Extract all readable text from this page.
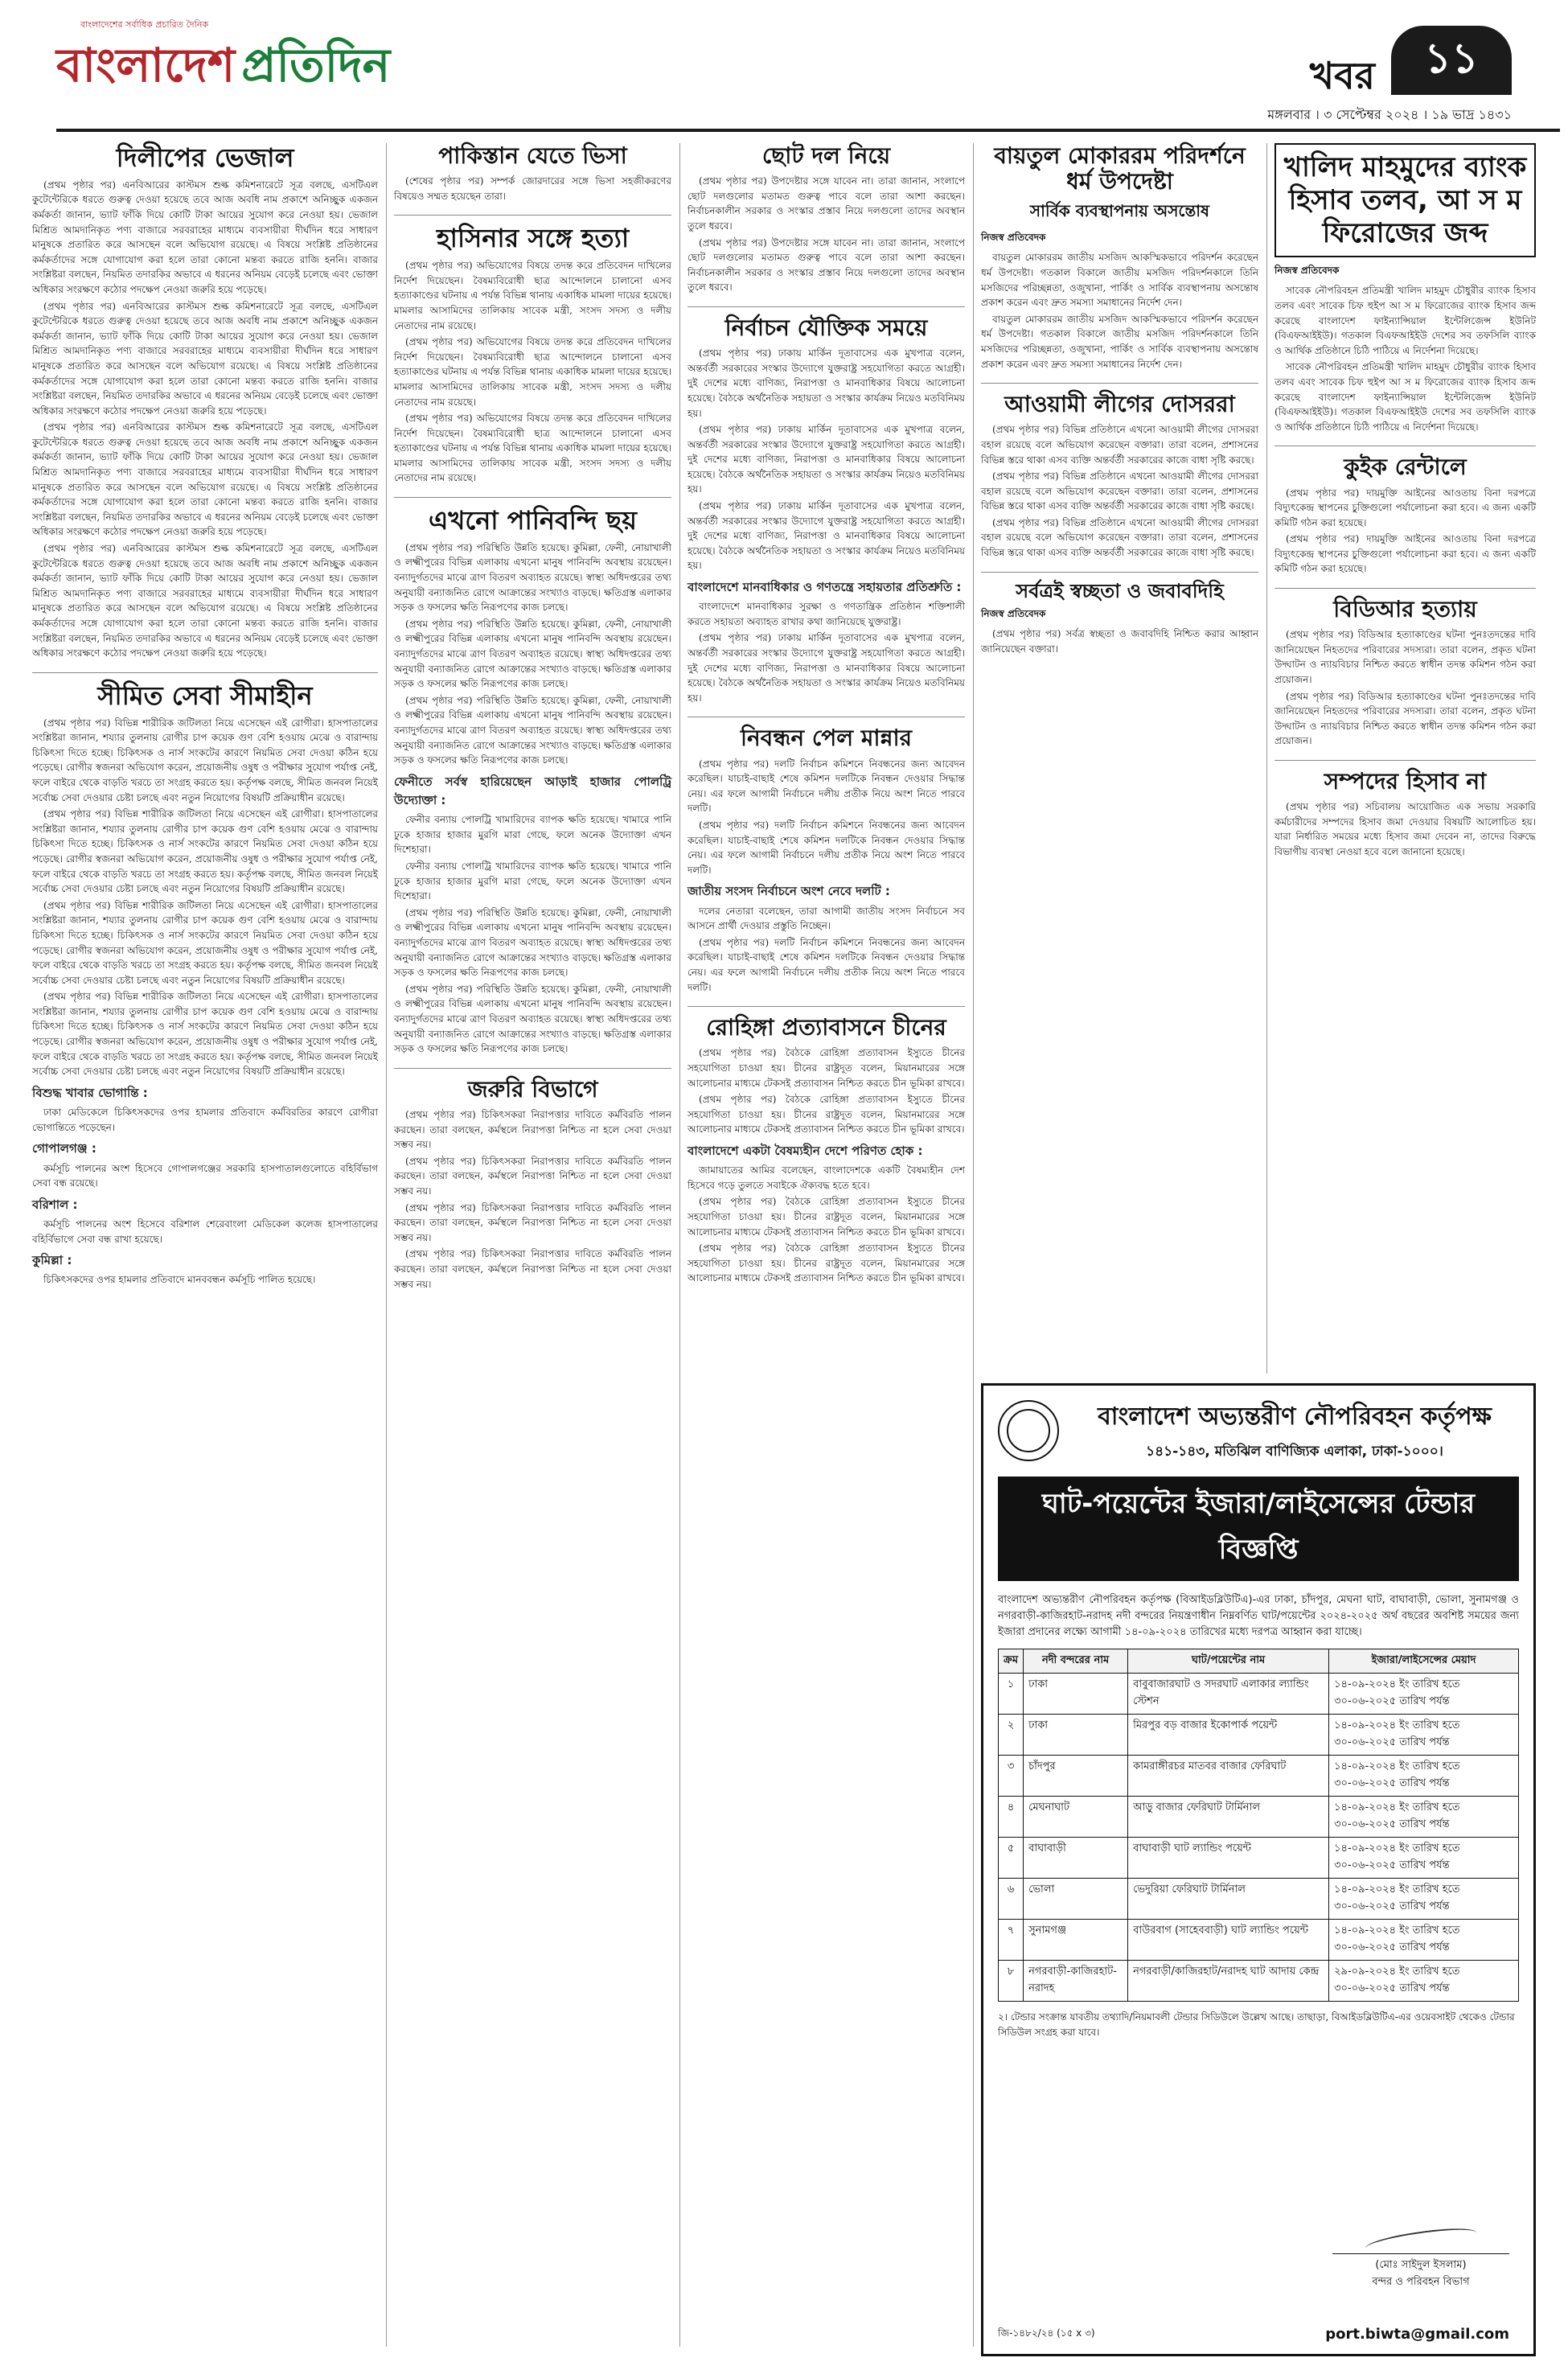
বাংলাদেশের সর্বাধিক প্রচারিত দৈনিক
বাংলাদেশ প্রতিদিন	খবর	১১
মঙ্গলবার । ৩ সেপ্টেম্বর ২০২৪ । ১৯ ভাদ্র ১৪৩১
দিলীপের ভেজাল

(প্রথম পৃষ্ঠার পর) এনবিআরের কাস্টমস শুল্ক কমিশনারেটে সূত্র বলছে, এসটিএল কুটেন্টেরিকে ধরতে গুরুত্ব দেওয়া হয়েছে তবে আজ অবধি নাম প্রকাশে অনিচ্ছুক একজন কর্মকর্তা জানান, ভ্যাট ফাঁকি দিয়ে কোটি টাকা আয়ের সুযোগ করে নেওয়া হয়। ভেজাল মিশ্রিত আমদানিকৃত পণ্য বাজারে সরবরাহের মাধ্যমে ব্যবসায়ীরা দীর্ঘদিন ধরে সাধারণ মানুষকে প্রতারিত করে আসছেন বলে অভিযোগ রয়েছে। এ বিষয়ে সংশ্লিষ্ট প্রতিষ্ঠানের কর্মকর্তাদের সঙ্গে যোগাযোগ করা হলে তারা কোনো মন্তব্য করতে রাজি হননি। বাজার সংশ্লিষ্টরা বলছেন, নিয়মিত তদারকির অভাবে এ ধরনের অনিয়ম বেড়েই চলেছে এবং ভোক্তা অধিকার সংরক্ষণে কঠোর পদক্ষেপ নেওয়া জরুরি হয়ে পড়েছে।

(প্রথম পৃষ্ঠার পর) এনবিআরের কাস্টমস শুল্ক কমিশনারেটে সূত্র বলছে, এসটিএল কুটেন্টেরিকে ধরতে গুরুত্ব দেওয়া হয়েছে তবে আজ অবধি নাম প্রকাশে অনিচ্ছুক একজন কর্মকর্তা জানান, ভ্যাট ফাঁকি দিয়ে কোটি টাকা আয়ের সুযোগ করে নেওয়া হয়। ভেজাল মিশ্রিত আমদানিকৃত পণ্য বাজারে সরবরাহের মাধ্যমে ব্যবসায়ীরা দীর্ঘদিন ধরে সাধারণ মানুষকে প্রতারিত করে আসছেন বলে অভিযোগ রয়েছে। এ বিষয়ে সংশ্লিষ্ট প্রতিষ্ঠানের কর্মকর্তাদের সঙ্গে যোগাযোগ করা হলে তারা কোনো মন্তব্য করতে রাজি হননি। বাজার সংশ্লিষ্টরা বলছেন, নিয়মিত তদারকির অভাবে এ ধরনের অনিয়ম বেড়েই চলেছে এবং ভোক্তা অধিকার সংরক্ষণে কঠোর পদক্ষেপ নেওয়া জরুরি হয়ে পড়েছে।

(প্রথম পৃষ্ঠার পর) এনবিআরের কাস্টমস শুল্ক কমিশনারেটে সূত্র বলছে, এসটিএল কুটেন্টেরিকে ধরতে গুরুত্ব দেওয়া হয়েছে তবে আজ অবধি নাম প্রকাশে অনিচ্ছুক একজন কর্মকর্তা জানান, ভ্যাট ফাঁকি দিয়ে কোটি টাকা আয়ের সুযোগ করে নেওয়া হয়। ভেজাল মিশ্রিত আমদানিকৃত পণ্য বাজারে সরবরাহের মাধ্যমে ব্যবসায়ীরা দীর্ঘদিন ধরে সাধারণ মানুষকে প্রতারিত করে আসছেন বলে অভিযোগ রয়েছে। এ বিষয়ে সংশ্লিষ্ট প্রতিষ্ঠানের কর্মকর্তাদের সঙ্গে যোগাযোগ করা হলে তারা কোনো মন্তব্য করতে রাজি হননি। বাজার সংশ্লিষ্টরা বলছেন, নিয়মিত তদারকির অভাবে এ ধরনের অনিয়ম বেড়েই চলেছে এবং ভোক্তা অধিকার সংরক্ষণে কঠোর পদক্ষেপ নেওয়া জরুরি হয়ে পড়েছে।

(প্রথম পৃষ্ঠার পর) এনবিআরের কাস্টমস শুল্ক কমিশনারেটে সূত্র বলছে, এসটিএল কুটেন্টেরিকে ধরতে গুরুত্ব দেওয়া হয়েছে তবে আজ অবধি নাম প্রকাশে অনিচ্ছুক একজন কর্মকর্তা জানান, ভ্যাট ফাঁকি দিয়ে কোটি টাকা আয়ের সুযোগ করে নেওয়া হয়। ভেজাল মিশ্রিত আমদানিকৃত পণ্য বাজারে সরবরাহের মাধ্যমে ব্যবসায়ীরা দীর্ঘদিন ধরে সাধারণ মানুষকে প্রতারিত করে আসছেন বলে অভিযোগ রয়েছে। এ বিষয়ে সংশ্লিষ্ট প্রতিষ্ঠানের কর্মকর্তাদের সঙ্গে যোগাযোগ করা হলে তারা কোনো মন্তব্য করতে রাজি হননি। বাজার সংশ্লিষ্টরা বলছেন, নিয়মিত তদারকির অভাবে এ ধরনের অনিয়ম বেড়েই চলেছে এবং ভোক্তা অধিকার সংরক্ষণে কঠোর পদক্ষেপ নেওয়া জরুরি হয়ে পড়েছে।

সীমিত সেবা সীমাহীন

(প্রথম পৃষ্ঠার পর) বিভিন্ন শারীরিক জটিলতা নিয়ে এসেছেন এই রোগীরা। হাসপাতালের সংশ্লিষ্টরা জানান, শয্যার তুলনায় রোগীর চাপ কয়েক গুণ বেশি হওয়ায় মেঝে ও বারান্দায় চিকিৎসা দিতে হচ্ছে। চিকিৎসক ও নার্স সংকটের কারণে নিয়মিত সেবা দেওয়া কঠিন হয়ে পড়েছে। রোগীর স্বজনরা অভিযোগ করেন, প্রয়োজনীয় ওষুধ ও পরীক্ষার সুযোগ পর্যাপ্ত নেই, ফলে বাইরে থেকে বাড়তি খরচে তা সংগ্রহ করতে হয়। কর্তৃপক্ষ বলছে, সীমিত জনবল নিয়েই সর্বোচ্চ সেবা দেওয়ার চেষ্টা চলছে এবং নতুন নিয়োগের বিষয়টি প্রক্রিয়াধীন রয়েছে।

(প্রথম পৃষ্ঠার পর) বিভিন্ন শারীরিক জটিলতা নিয়ে এসেছেন এই রোগীরা। হাসপাতালের সংশ্লিষ্টরা জানান, শয্যার তুলনায় রোগীর চাপ কয়েক গুণ বেশি হওয়ায় মেঝে ও বারান্দায় চিকিৎসা দিতে হচ্ছে। চিকিৎসক ও নার্স সংকটের কারণে নিয়মিত সেবা দেওয়া কঠিন হয়ে পড়েছে। রোগীর স্বজনরা অভিযোগ করেন, প্রয়োজনীয় ওষুধ ও পরীক্ষার সুযোগ পর্যাপ্ত নেই, ফলে বাইরে থেকে বাড়তি খরচে তা সংগ্রহ করতে হয়। কর্তৃপক্ষ বলছে, সীমিত জনবল নিয়েই সর্বোচ্চ সেবা দেওয়ার চেষ্টা চলছে এবং নতুন নিয়োগের বিষয়টি প্রক্রিয়াধীন রয়েছে।

(প্রথম পৃষ্ঠার পর) বিভিন্ন শারীরিক জটিলতা নিয়ে এসেছেন এই রোগীরা। হাসপাতালের সংশ্লিষ্টরা জানান, শয্যার তুলনায় রোগীর চাপ কয়েক গুণ বেশি হওয়ায় মেঝে ও বারান্দায় চিকিৎসা দিতে হচ্ছে। চিকিৎসক ও নার্স সংকটের কারণে নিয়মিত সেবা দেওয়া কঠিন হয়ে পড়েছে। রোগীর স্বজনরা অভিযোগ করেন, প্রয়োজনীয় ওষুধ ও পরীক্ষার সুযোগ পর্যাপ্ত নেই, ফলে বাইরে থেকে বাড়তি খরচে তা সংগ্রহ করতে হয়। কর্তৃপক্ষ বলছে, সীমিত জনবল নিয়েই সর্বোচ্চ সেবা দেওয়ার চেষ্টা চলছে এবং নতুন নিয়োগের বিষয়টি প্রক্রিয়াধীন রয়েছে।

(প্রথম পৃষ্ঠার পর) বিভিন্ন শারীরিক জটিলতা নিয়ে এসেছেন এই রোগীরা। হাসপাতালের সংশ্লিষ্টরা জানান, শয্যার তুলনায় রোগীর চাপ কয়েক গুণ বেশি হওয়ায় মেঝে ও বারান্দায় চিকিৎসা দিতে হচ্ছে। চিকিৎসক ও নার্স সংকটের কারণে নিয়মিত সেবা দেওয়া কঠিন হয়ে পড়েছে। রোগীর স্বজনরা অভিযোগ করেন, প্রয়োজনীয় ওষুধ ও পরীক্ষার সুযোগ পর্যাপ্ত নেই, ফলে বাইরে থেকে বাড়তি খরচে তা সংগ্রহ করতে হয়। কর্তৃপক্ষ বলছে, সীমিত জনবল নিয়েই সর্বোচ্চ সেবা দেওয়ার চেষ্টা চলছে এবং নতুন নিয়োগের বিষয়টি প্রক্রিয়াধীন রয়েছে।

বিশুদ্ধ খাবার ভোগান্তি :

ঢাকা মেডিকেলে চিকিৎসকদের ওপর হামলার প্রতিবাদে কর্মবিরতির কারণে রোগীরা ভোগান্তিতে পড়েছেন।

গোপালগঞ্জ :

কর্মসূচি পালনের অংশ হিসেবে গোপালগঞ্জের সরকারি হাসপাতালগুলোতে বহির্বিভাগ সেবা বন্ধ রয়েছে।

বরিশাল :

কর্মসূচি পালনের অংশ হিসেবে বরিশাল শেরেবাংলা মেডিকেল কলেজ হাসপাতালের বহির্বিভাগে সেবা বন্ধ রাখা হয়েছে।

কুমিল্লা :

চিকিৎসকদের ওপর হামলার প্রতিবাদে মানববন্ধন কর্মসূচি পালিত হয়েছে।

পাকিস্তান যেতে ভিসা

(শেষের পৃষ্ঠার পর) সম্পর্ক জোরদারের সঙ্গে ভিসা সহজীকরণের বিষয়েও সম্মত হয়েছেন তারা।

হাসিনার সঙ্গে হত্যা

(প্রথম পৃষ্ঠার পর) অভিযোগের বিষয়ে তদন্ত করে প্রতিবেদন দাখিলের নির্দেশ দিয়েছেন। বৈষম্যবিরোধী ছাত্র আন্দোলনে চালানো এসব হত্যাকাণ্ডের ঘটনায় এ পর্যন্ত বিভিন্ন থানায় একাধিক মামলা দায়ের হয়েছে। মামলার আসামিদের তালিকায় সাবেক মন্ত্রী, সংসদ সদস্য ও দলীয় নেতাদের নাম রয়েছে।

(প্রথম পৃষ্ঠার পর) অভিযোগের বিষয়ে তদন্ত করে প্রতিবেদন দাখিলের নির্দেশ দিয়েছেন। বৈষম্যবিরোধী ছাত্র আন্দোলনে চালানো এসব হত্যাকাণ্ডের ঘটনায় এ পর্যন্ত বিভিন্ন থানায় একাধিক মামলা দায়ের হয়েছে। মামলার আসামিদের তালিকায় সাবেক মন্ত্রী, সংসদ সদস্য ও দলীয় নেতাদের নাম রয়েছে।

(প্রথম পৃষ্ঠার পর) অভিযোগের বিষয়ে তদন্ত করে প্রতিবেদন দাখিলের নির্দেশ দিয়েছেন। বৈষম্যবিরোধী ছাত্র আন্দোলনে চালানো এসব হত্যাকাণ্ডের ঘটনায় এ পর্যন্ত বিভিন্ন থানায় একাধিক মামলা দায়ের হয়েছে। মামলার আসামিদের তালিকায় সাবেক মন্ত্রী, সংসদ সদস্য ও দলীয় নেতাদের নাম রয়েছে।

এখনো পানিবন্দি ছয়

(প্রথম পৃষ্ঠার পর) পরিস্থিতি উন্নতি হয়েছে। কুমিল্লা, ফেনী, নোয়াখালী ও লক্ষ্মীপুরের বিভিন্ন এলাকায় এখনো মানুষ পানিবন্দি অবস্থায় রয়েছেন। বন্যাদুর্গতদের মাঝে ত্রাণ বিতরণ অব্যাহত রয়েছে। স্বাস্থ্য অধিদপ্তরের তথ্য অনুযায়ী বন্যাজনিত রোগে আক্রান্তের সংখ্যাও বাড়ছে। ক্ষতিগ্রস্ত এলাকার সড়ক ও ফসলের ক্ষতি নিরূপণের কাজ চলছে।

(প্রথম পৃষ্ঠার পর) পরিস্থিতি উন্নতি হয়েছে। কুমিল্লা, ফেনী, নোয়াখালী ও লক্ষ্মীপুরের বিভিন্ন এলাকায় এখনো মানুষ পানিবন্দি অবস্থায় রয়েছেন। বন্যাদুর্গতদের মাঝে ত্রাণ বিতরণ অব্যাহত রয়েছে। স্বাস্থ্য অধিদপ্তরের তথ্য অনুযায়ী বন্যাজনিত রোগে আক্রান্তের সংখ্যাও বাড়ছে। ক্ষতিগ্রস্ত এলাকার সড়ক ও ফসলের ক্ষতি নিরূপণের কাজ চলছে।

(প্রথম পৃষ্ঠার পর) পরিস্থিতি উন্নতি হয়েছে। কুমিল্লা, ফেনী, নোয়াখালী ও লক্ষ্মীপুরের বিভিন্ন এলাকায় এখনো মানুষ পানিবন্দি অবস্থায় রয়েছেন। বন্যাদুর্গতদের মাঝে ত্রাণ বিতরণ অব্যাহত রয়েছে। স্বাস্থ্য অধিদপ্তরের তথ্য অনুযায়ী বন্যাজনিত রোগে আক্রান্তের সংখ্যাও বাড়ছে। ক্ষতিগ্রস্ত এলাকার সড়ক ও ফসলের ক্ষতি নিরূপণের কাজ চলছে।

ফেনীতে সর্বস্ব হারিয়েছেন আড়াই হাজার পোলট্রি উদ্যোক্তা :

ফেনীর বন্যায় পোলট্রি খামারিদের ব্যাপক ক্ষতি হয়েছে। খামারে পানি ঢুকে হাজার হাজার মুরগি মারা গেছে, ফলে অনেক উদ্যোক্তা এখন দিশেহারা।

ফেনীর বন্যায় পোলট্রি খামারিদের ব্যাপক ক্ষতি হয়েছে। খামারে পানি ঢুকে হাজার হাজার মুরগি মারা গেছে, ফলে অনেক উদ্যোক্তা এখন দিশেহারা।

(প্রথম পৃষ্ঠার পর) পরিস্থিতি উন্নতি হয়েছে। কুমিল্লা, ফেনী, নোয়াখালী ও লক্ষ্মীপুরের বিভিন্ন এলাকায় এখনো মানুষ পানিবন্দি অবস্থায় রয়েছেন। বন্যাদুর্গতদের মাঝে ত্রাণ বিতরণ অব্যাহত রয়েছে। স্বাস্থ্য অধিদপ্তরের তথ্য অনুযায়ী বন্যাজনিত রোগে আক্রান্তের সংখ্যাও বাড়ছে। ক্ষতিগ্রস্ত এলাকার সড়ক ও ফসলের ক্ষতি নিরূপণের কাজ চলছে।

(প্রথম পৃষ্ঠার পর) পরিস্থিতি উন্নতি হয়েছে। কুমিল্লা, ফেনী, নোয়াখালী ও লক্ষ্মীপুরের বিভিন্ন এলাকায় এখনো মানুষ পানিবন্দি অবস্থায় রয়েছেন। বন্যাদুর্গতদের মাঝে ত্রাণ বিতরণ অব্যাহত রয়েছে। স্বাস্থ্য অধিদপ্তরের তথ্য অনুযায়ী বন্যাজনিত রোগে আক্রান্তের সংখ্যাও বাড়ছে। ক্ষতিগ্রস্ত এলাকার সড়ক ও ফসলের ক্ষতি নিরূপণের কাজ চলছে।

জরুরি বিভাগে

(প্রথম পৃষ্ঠার পর) চিকিৎসকরা নিরাপত্তার দাবিতে কর্মবিরতি পালন করছেন। তারা বলছেন, কর্মস্থলে নিরাপত্তা নিশ্চিত না হলে সেবা দেওয়া সম্ভব নয়।

(প্রথম পৃষ্ঠার পর) চিকিৎসকরা নিরাপত্তার দাবিতে কর্মবিরতি পালন করছেন। তারা বলছেন, কর্মস্থলে নিরাপত্তা নিশ্চিত না হলে সেবা দেওয়া সম্ভব নয়।

(প্রথম পৃষ্ঠার পর) চিকিৎসকরা নিরাপত্তার দাবিতে কর্মবিরতি পালন করছেন। তারা বলছেন, কর্মস্থলে নিরাপত্তা নিশ্চিত না হলে সেবা দেওয়া সম্ভব নয়।

(প্রথম পৃষ্ঠার পর) চিকিৎসকরা নিরাপত্তার দাবিতে কর্মবিরতি পালন করছেন। তারা বলছেন, কর্মস্থলে নিরাপত্তা নিশ্চিত না হলে সেবা দেওয়া সম্ভব নয়।

ছোট দল নিয়ে

(প্রথম পৃষ্ঠার পর) উপদেষ্টার সঙ্গে যাবেন না। তারা জানান, সংলাপে ছোট দলগুলোর মতামত গুরুত্ব পাবে বলে তারা আশা করছেন। নির্বাচনকালীন সরকার ও সংস্কার প্রস্তাব নিয়ে দলগুলো তাদের অবস্থান তুলে ধরবে।

(প্রথম পৃষ্ঠার পর) উপদেষ্টার সঙ্গে যাবেন না। তারা জানান, সংলাপে ছোট দলগুলোর মতামত গুরুত্ব পাবে বলে তারা আশা করছেন। নির্বাচনকালীন সরকার ও সংস্কার প্রস্তাব নিয়ে দলগুলো তাদের অবস্থান তুলে ধরবে।

নির্বাচন যৌক্তিক সময়ে

(প্রথম পৃষ্ঠার পর) ঢাকায় মার্কিন দূতাবাসের এক মুখপাত্র বলেন, অন্তর্বর্তী সরকারের সংস্কার উদ্যোগে যুক্তরাষ্ট্র সহযোগিতা করতে আগ্রহী। দুই দেশের মধ্যে বাণিজ্য, নিরাপত্তা ও মানবাধিকার বিষয়ে আলোচনা হয়েছে। বৈঠকে অর্থনৈতিক সহায়তা ও সংস্কার কার্যক্রম নিয়েও মতবিনিময় হয়।

(প্রথম পৃষ্ঠার পর) ঢাকায় মার্কিন দূতাবাসের এক মুখপাত্র বলেন, অন্তর্বর্তী সরকারের সংস্কার উদ্যোগে যুক্তরাষ্ট্র সহযোগিতা করতে আগ্রহী। দুই দেশের মধ্যে বাণিজ্য, নিরাপত্তা ও মানবাধিকার বিষয়ে আলোচনা হয়েছে। বৈঠকে অর্থনৈতিক সহায়তা ও সংস্কার কার্যক্রম নিয়েও মতবিনিময় হয়।

(প্রথম পৃষ্ঠার পর) ঢাকায় মার্কিন দূতাবাসের এক মুখপাত্র বলেন, অন্তর্বর্তী সরকারের সংস্কার উদ্যোগে যুক্তরাষ্ট্র সহযোগিতা করতে আগ্রহী। দুই দেশের মধ্যে বাণিজ্য, নিরাপত্তা ও মানবাধিকার বিষয়ে আলোচনা হয়েছে। বৈঠকে অর্থনৈতিক সহায়তা ও সংস্কার কার্যক্রম নিয়েও মতবিনিময় হয়।

বাংলাদেশে মানবাধিকার ও গণতন্ত্রে সহায়তার প্রতিশ্রুতি :

বাংলাদেশে মানবাধিকার সুরক্ষা ও গণতান্ত্রিক প্রতিষ্ঠান শক্তিশালী করতে সহায়তা অব্যাহত রাখার কথা জানিয়েছে যুক্তরাষ্ট্র।

(প্রথম পৃষ্ঠার পর) ঢাকায় মার্কিন দূতাবাসের এক মুখপাত্র বলেন, অন্তর্বর্তী সরকারের সংস্কার উদ্যোগে যুক্তরাষ্ট্র সহযোগিতা করতে আগ্রহী। দুই দেশের মধ্যে বাণিজ্য, নিরাপত্তা ও মানবাধিকার বিষয়ে আলোচনা হয়েছে। বৈঠকে অর্থনৈতিক সহায়তা ও সংস্কার কার্যক্রম নিয়েও মতবিনিময় হয়।

নিবন্ধন পেল মান্নার

(প্রথম পৃষ্ঠার পর) দলটি নির্বাচন কমিশনে নিবন্ধনের জন্য আবেদন করেছিল। যাচাই-বাছাই শেষে কমিশন দলটিকে নিবন্ধন দেওয়ার সিদ্ধান্ত নেয়। এর ফলে আগামী নির্বাচনে দলীয় প্রতীক নিয়ে অংশ নিতে পারবে দলটি।

(প্রথম পৃষ্ঠার পর) দলটি নির্বাচন কমিশনে নিবন্ধনের জন্য আবেদন করেছিল। যাচাই-বাছাই শেষে কমিশন দলটিকে নিবন্ধন দেওয়ার সিদ্ধান্ত নেয়। এর ফলে আগামী নির্বাচনে দলীয় প্রতীক নিয়ে অংশ নিতে পারবে দলটি।

জাতীয় সংসদ নির্বাচনে অংশ নেবে দলটি :

দলের নেতারা বলেছেন, তারা আগামী জাতীয় সংসদ নির্বাচনে সব আসনে প্রার্থী দেওয়ার প্রস্তুতি নিচ্ছেন।

(প্রথম পৃষ্ঠার পর) দলটি নির্বাচন কমিশনে নিবন্ধনের জন্য আবেদন করেছিল। যাচাই-বাছাই শেষে কমিশন দলটিকে নিবন্ধন দেওয়ার সিদ্ধান্ত নেয়। এর ফলে আগামী নির্বাচনে দলীয় প্রতীক নিয়ে অংশ নিতে পারবে দলটি।

রোহিঙ্গা প্রত্যাবাসনে চীনের

(প্রথম পৃষ্ঠার পর) বৈঠকে রোহিঙ্গা প্রত্যাবাসন ইস্যুতে চীনের সহযোগিতা চাওয়া হয়। চীনের রাষ্ট্রদূত বলেন, মিয়ানমারের সঙ্গে আলোচনার মাধ্যমে টেকসই প্রত্যাবাসন নিশ্চিত করতে চীন ভূমিকা রাখবে।

(প্রথম পৃষ্ঠার পর) বৈঠকে রোহিঙ্গা প্রত্যাবাসন ইস্যুতে চীনের সহযোগিতা চাওয়া হয়। চীনের রাষ্ট্রদূত বলেন, মিয়ানমারের সঙ্গে আলোচনার মাধ্যমে টেকসই প্রত্যাবাসন নিশ্চিত করতে চীন ভূমিকা রাখবে।

বাংলাদেশে একটা বৈষম্যহীন দেশে পরিণত হোক :

জামায়াতের আমির বলেছেন, বাংলাদেশকে একটি বৈষম্যহীন দেশ হিসেবে গড়ে তুলতে সবাইকে ঐক্যবদ্ধ হতে হবে।

(প্রথম পৃষ্ঠার পর) বৈঠকে রোহিঙ্গা প্রত্যাবাসন ইস্যুতে চীনের সহযোগিতা চাওয়া হয়। চীনের রাষ্ট্রদূত বলেন, মিয়ানমারের সঙ্গে আলোচনার মাধ্যমে টেকসই প্রত্যাবাসন নিশ্চিত করতে চীন ভূমিকা রাখবে।

(প্রথম পৃষ্ঠার পর) বৈঠকে রোহিঙ্গা প্রত্যাবাসন ইস্যুতে চীনের সহযোগিতা চাওয়া হয়। চীনের রাষ্ট্রদূত বলেন, মিয়ানমারের সঙ্গে আলোচনার মাধ্যমে টেকসই প্রত্যাবাসন নিশ্চিত করতে চীন ভূমিকা রাখবে।

বায়তুল মোকাররম পরিদর্শনে ধর্ম উপদেষ্টা
সার্বিক ব্যবস্থাপনায় অসন্তোষ
নিজস্ব প্রতিবেদক

বায়তুল মোকাররম জাতীয় মসজিদ আকস্মিকভাবে পরিদর্শন করেছেন ধর্ম উপদেষ্টা। গতকাল বিকালে জাতীয় মসজিদ পরিদর্শনকালে তিনি মসজিদের পরিচ্ছন্নতা, ওজুখানা, পার্কিং ও সার্বিক ব্যবস্থাপনায় অসন্তোষ প্রকাশ করেন এবং দ্রুত সমস্যা সমাধানের নির্দেশ দেন।

বায়তুল মোকাররম জাতীয় মসজিদ আকস্মিকভাবে পরিদর্শন করেছেন ধর্ম উপদেষ্টা। গতকাল বিকালে জাতীয় মসজিদ পরিদর্শনকালে তিনি মসজিদের পরিচ্ছন্নতা, ওজুখানা, পার্কিং ও সার্বিক ব্যবস্থাপনায় অসন্তোষ প্রকাশ করেন এবং দ্রুত সমস্যা সমাধানের নির্দেশ দেন।

আওয়ামী লীগের দোসররা

(প্রথম পৃষ্ঠার পর) বিভিন্ন প্রতিষ্ঠানে এখনো আওয়ামী লীগের দোসররা বহাল রয়েছে বলে অভিযোগ করেছেন বক্তারা। তারা বলেন, প্রশাসনের বিভিন্ন স্তরে থাকা এসব ব্যক্তি অন্তর্বর্তী সরকারের কাজে বাধা সৃষ্টি করছে।

(প্রথম পৃষ্ঠার পর) বিভিন্ন প্রতিষ্ঠানে এখনো আওয়ামী লীগের দোসররা বহাল রয়েছে বলে অভিযোগ করেছেন বক্তারা। তারা বলেন, প্রশাসনের বিভিন্ন স্তরে থাকা এসব ব্যক্তি অন্তর্বর্তী সরকারের কাজে বাধা সৃষ্টি করছে।

(প্রথম পৃষ্ঠার পর) বিভিন্ন প্রতিষ্ঠানে এখনো আওয়ামী লীগের দোসররা বহাল রয়েছে বলে অভিযোগ করেছেন বক্তারা। তারা বলেন, প্রশাসনের বিভিন্ন স্তরে থাকা এসব ব্যক্তি অন্তর্বর্তী সরকারের কাজে বাধা সৃষ্টি করছে।

সর্বত্রই স্বচ্ছতা ও জবাবদিহি
নিজস্ব প্রতিবেদক

(প্রথম পৃষ্ঠার পর) সর্বত্র স্বচ্ছতা ও জবাবদিহি নিশ্চিত করার আহ্বান জানিয়েছেন বক্তারা।

খালিদ মাহমুদের ব্যাংক হিসাব তলব, আ স ম ফিরোজের জব্দ
নিজস্ব প্রতিবেদক

সাবেক নৌপরিবহন প্রতিমন্ত্রী খালিদ মাহমুদ চৌধুরীর ব্যাংক হিসাব তলব এবং সাবেক চিফ হুইপ আ স ম ফিরোজের ব্যাংক হিসাব জব্দ করেছে বাংলাদেশ ফাইন্যান্সিয়াল ইন্টেলিজেন্স ইউনিট (বিএফআইইউ)। গতকাল বিএফআইইউ দেশের সব তফসিলি ব্যাংক ও আর্থিক প্রতিষ্ঠানে চিঠি পাঠিয়ে এ নির্দেশনা দিয়েছে।

সাবেক নৌপরিবহন প্রতিমন্ত্রী খালিদ মাহমুদ চৌধুরীর ব্যাংক হিসাব তলব এবং সাবেক চিফ হুইপ আ স ম ফিরোজের ব্যাংক হিসাব জব্দ করেছে বাংলাদেশ ফাইন্যান্সিয়াল ইন্টেলিজেন্স ইউনিট (বিএফআইইউ)। গতকাল বিএফআইইউ দেশের সব তফসিলি ব্যাংক ও আর্থিক প্রতিষ্ঠানে চিঠি পাঠিয়ে এ নির্দেশনা দিয়েছে।

কুইক রেন্টালে

(প্রথম পৃষ্ঠার পর) দায়মুক্তি আইনের আওতায় বিনা দরপত্রে বিদ্যুৎকেন্দ্র স্থাপনের চুক্তিগুলো পর্যালোচনা করা হবে। এ জন্য একটি কমিটি গঠন করা হয়েছে।

(প্রথম পৃষ্ঠার পর) দায়মুক্তি আইনের আওতায় বিনা দরপত্রে বিদ্যুৎকেন্দ্র স্থাপনের চুক্তিগুলো পর্যালোচনা করা হবে। এ জন্য একটি কমিটি গঠন করা হয়েছে।

বিডিআর হত্যায়

(প্রথম পৃষ্ঠার পর) বিডিআর হত্যাকাণ্ডের ঘটনা পুনঃতদন্তের দাবি জানিয়েছেন নিহতদের পরিবারের সদস্যরা। তারা বলেন, প্রকৃত ঘটনা উদ্ঘাটন ও ন্যায়বিচার নিশ্চিত করতে স্বাধীন তদন্ত কমিশন গঠন করা প্রয়োজন।

(প্রথম পৃষ্ঠার পর) বিডিআর হত্যাকাণ্ডের ঘটনা পুনঃতদন্তের দাবি জানিয়েছেন নিহতদের পরিবারের সদস্যরা। তারা বলেন, প্রকৃত ঘটনা উদ্ঘাটন ও ন্যায়বিচার নিশ্চিত করতে স্বাধীন তদন্ত কমিশন গঠন করা প্রয়োজন।

সম্পদের হিসাব না

(প্রথম পৃষ্ঠার পর) সচিবালয় আয়োজিত এক সভায় সরকারি কর্মচারীদের সম্পদের হিসাব জমা দেওয়ার বিষয়টি আলোচিত হয়। যারা নির্ধারিত সময়ের মধ্যে হিসাব জমা দেবেন না, তাদের বিরুদ্ধে বিভাগীয় ব্যবস্থা নেওয়া হবে বলে জানানো হয়েছে।

বাংলাদেশ অভ্যন্তরীণ নৌপরিবহন কর্তৃপক্ষ
১৪১-১৪৩, মতিঝিল বাণিজ্যিক এলাকা, ঢাকা-১০০০।
ঘাট-পয়েন্টের ইজারা/লাইসেন্সের টেন্ডার বিজ্ঞপ্তি
বাংলাদেশ অভ্যন্তরীণ নৌপরিবহন কর্তৃপক্ষ (বিআইডব্লিউটিএ)-এর ঢাকা, চাঁদপুর, মেঘনা ঘাট, বাঘাবাড়ী, ভোলা, সুনামগঞ্জ ও নগরবাড়ী-কাজিরহাট-নরাদহ নদী বন্দরের নিয়ন্ত্রণাধীন নিম্নবর্ণিত ঘাট/পয়েন্টের ২০২৪-২০২৫ অর্থ বছরের অবশিষ্ট সময়ের জন্য ইজারা প্রদানের লক্ষ্যে আগামী ১৪-০৯-২০২৪ তারিখের মধ্যে দরপত্র আহ্বান করা যাচ্ছে।
ক্রম	নদী বন্দরের নাম	ঘাট/পয়েন্টের নাম	ইজারা/লাইসেন্সের মেয়াদ
১	ঢাকা	বাবুবাজারঘাট ও সদরঘাট এলাকার ল্যান্ডিং স্টেশন	১৪-০৯-২০২৪ ইং তারিখ হতে ৩০-০৬-২০২৫ তারিখ পর্যন্ত
২	ঢাকা	মিরপুর বড় বাজার ইকোপার্ক পয়েন্ট	১৪-০৯-২০২৪ ইং তারিখ হতে ৩০-০৬-২০২৫ তারিখ পর্যন্ত
৩	চাঁদপুর	কামরাঙ্গীরচর মাতবর বাজার ফেরিঘাট	১৪-০৯-২০২৪ ইং তারিখ হতে ৩০-০৬-২০২৫ তারিখ পর্যন্ত
৪	মেঘনাঘাট	আড়ু বাজার ফেরিঘাট টার্মিনাল	১৪-০৯-২০২৪ ইং তারিখ হতে ৩০-০৬-২০২৫ তারিখ পর্যন্ত
৫	বাঘাবাড়ী	বাঘাবাড়ী ঘাট ল্যান্ডিং পয়েন্ট	১৪-০৯-২০২৪ ইং তারিখ হতে ৩০-০৬-২০২৫ তারিখ পর্যন্ত
৬	ভোলা	ভেদুরিয়া ফেরিঘাট টার্মিনাল	১৪-০৯-২০২৪ ইং তারিখ হতে ৩০-০৬-২০২৫ তারিখ পর্যন্ত
৭	সুনামগঞ্জ	বাউরবাগ (সাহেববাড়ী) ঘাট ল্যান্ডিং পয়েন্ট	১৪-০৯-২০২৪ ইং তারিখ হতে ৩০-০৬-২০২৫ তারিখ পর্যন্ত
৮	নগরবাড়ী-কাজিরহাট-নরাদহ	নগরবাড়ী/কাজিরহাট/নরাদহ ঘাট আদায় কেন্দ্র	২৯-০৯-২০২৪ ইং তারিখ হতে ৩০-০৬-২০২৫ তারিখ পর্যন্ত
২। টেন্ডার সংক্রান্ত যাবতীয় তথ্যাদি/নিয়মাবলী টেন্ডার সিডিউলে উল্লেখ আছে। তাছাড়া, বিআইডব্লিউটিএ-এর ওয়েবসাইট থেকেও টেন্ডার সিডিউল সংগ্রহ করা যাবে।
(মোঃ সাইদুল ইসলাম)
বন্দর ও পরিবহন বিভাগ
জি-১৪৮২/২৪ (১৫ x ৩)	port.biwta@gmail.com
